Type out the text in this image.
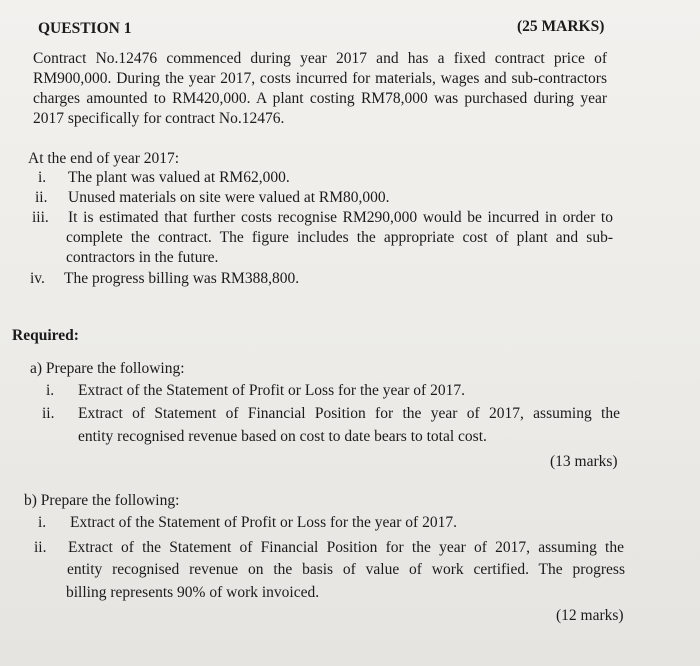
QUESTION 1	(25 MARKS)
Contract No.12476 commenced during year 2017 and has a fixed contract price of
RM900,000. During the year 2017, costs incurred for materials, wages and sub-contractors
charges amounted to RM420,000. A plant costing RM78,000 was purchased during year
2017 specifically for contract No.12476.
At the end of year 2017:
i. The plant was valued at RM62,000.
ii. Unused materials on site were valued at RM80,000.
iii. It is estimated that further costs recognise RM290,000 would be incurred in order to
complete the contract. The figure includes the appropriate cost of plant and sub-
contractors in the future.
iv. The progress billing was RM388,800.
Required:
a) Prepare the following:
i. Extract of the Statement of Profit or Loss for the year of 2017.
ii. Extract of Statement of Financial Position for the year of 2017, assuming the
entity recognised revenue based on cost to date bears to total cost.
(13 marks)
b) Prepare the following:
i. Extract of the Statement of Profit or Loss for the year of 2017.
ii. Extract of the Statement of Financial Position for the year of 2017, assuming the
entity recognised revenue on the basis of value of work certified. The progress
billing represents 90% of work invoiced.
(12 marks)
